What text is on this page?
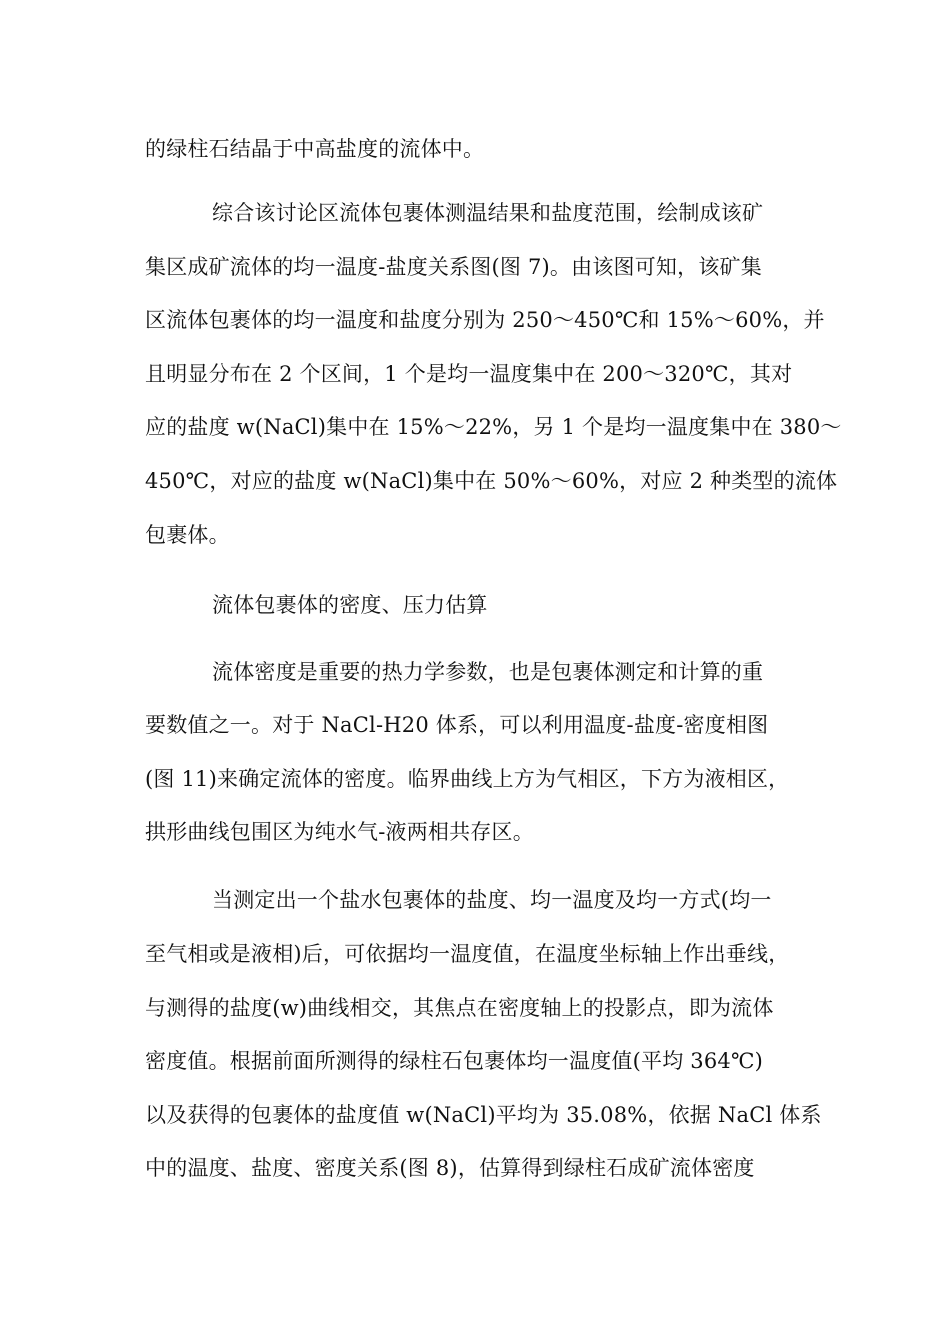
的绿柱石结晶于中高盐度的流体中。
综合该讨论区流体包裹体测温结果和盐度范围，绘制成该矿
集区成矿流体的均一温度-盐度关系图(图 7)。由该图可知，该矿集
区流体包裹体的均一温度和盐度分别为 250～450℃和 15%～60%，并
且明显分布在 2 个区间，1 个是均一温度集中在 200～320℃，其对
应的盐度 w(NaCl)集中在 15%～22%，另 1 个是均一温度集中在 380～
450℃，对应的盐度 w(NaCl)集中在 50%～60%，对应 2 种类型的流体
包裹体。
流体包裹体的密度、压力估算
流体密度是重要的热力学参数，也是包裹体测定和计算的重
要数值之一。对于 NaCl-H20 体系，可以利用温度-盐度-密度相图
(图 11)来确定流体的密度。临界曲线上方为气相区，下方为液相区，
拱形曲线包围区为纯水气-液两相共存区。
当测定出一个盐水包裹体的盐度、均一温度及均一方式(均一
至气相或是液相)后，可依据均一温度值，在温度坐标轴上作出垂线，
与测得的盐度(w)曲线相交，其焦点在密度轴上的投影点，即为流体
密度值。根据前面所测得的绿柱石包裹体均一温度值(平均 364℃)
以及获得的包裹体的盐度值 w(NaCl)平均为 35.08%，依据 NaCl 体系
中的温度、盐度、密度关系(图 8)，估算得到绿柱石成矿流体密度
